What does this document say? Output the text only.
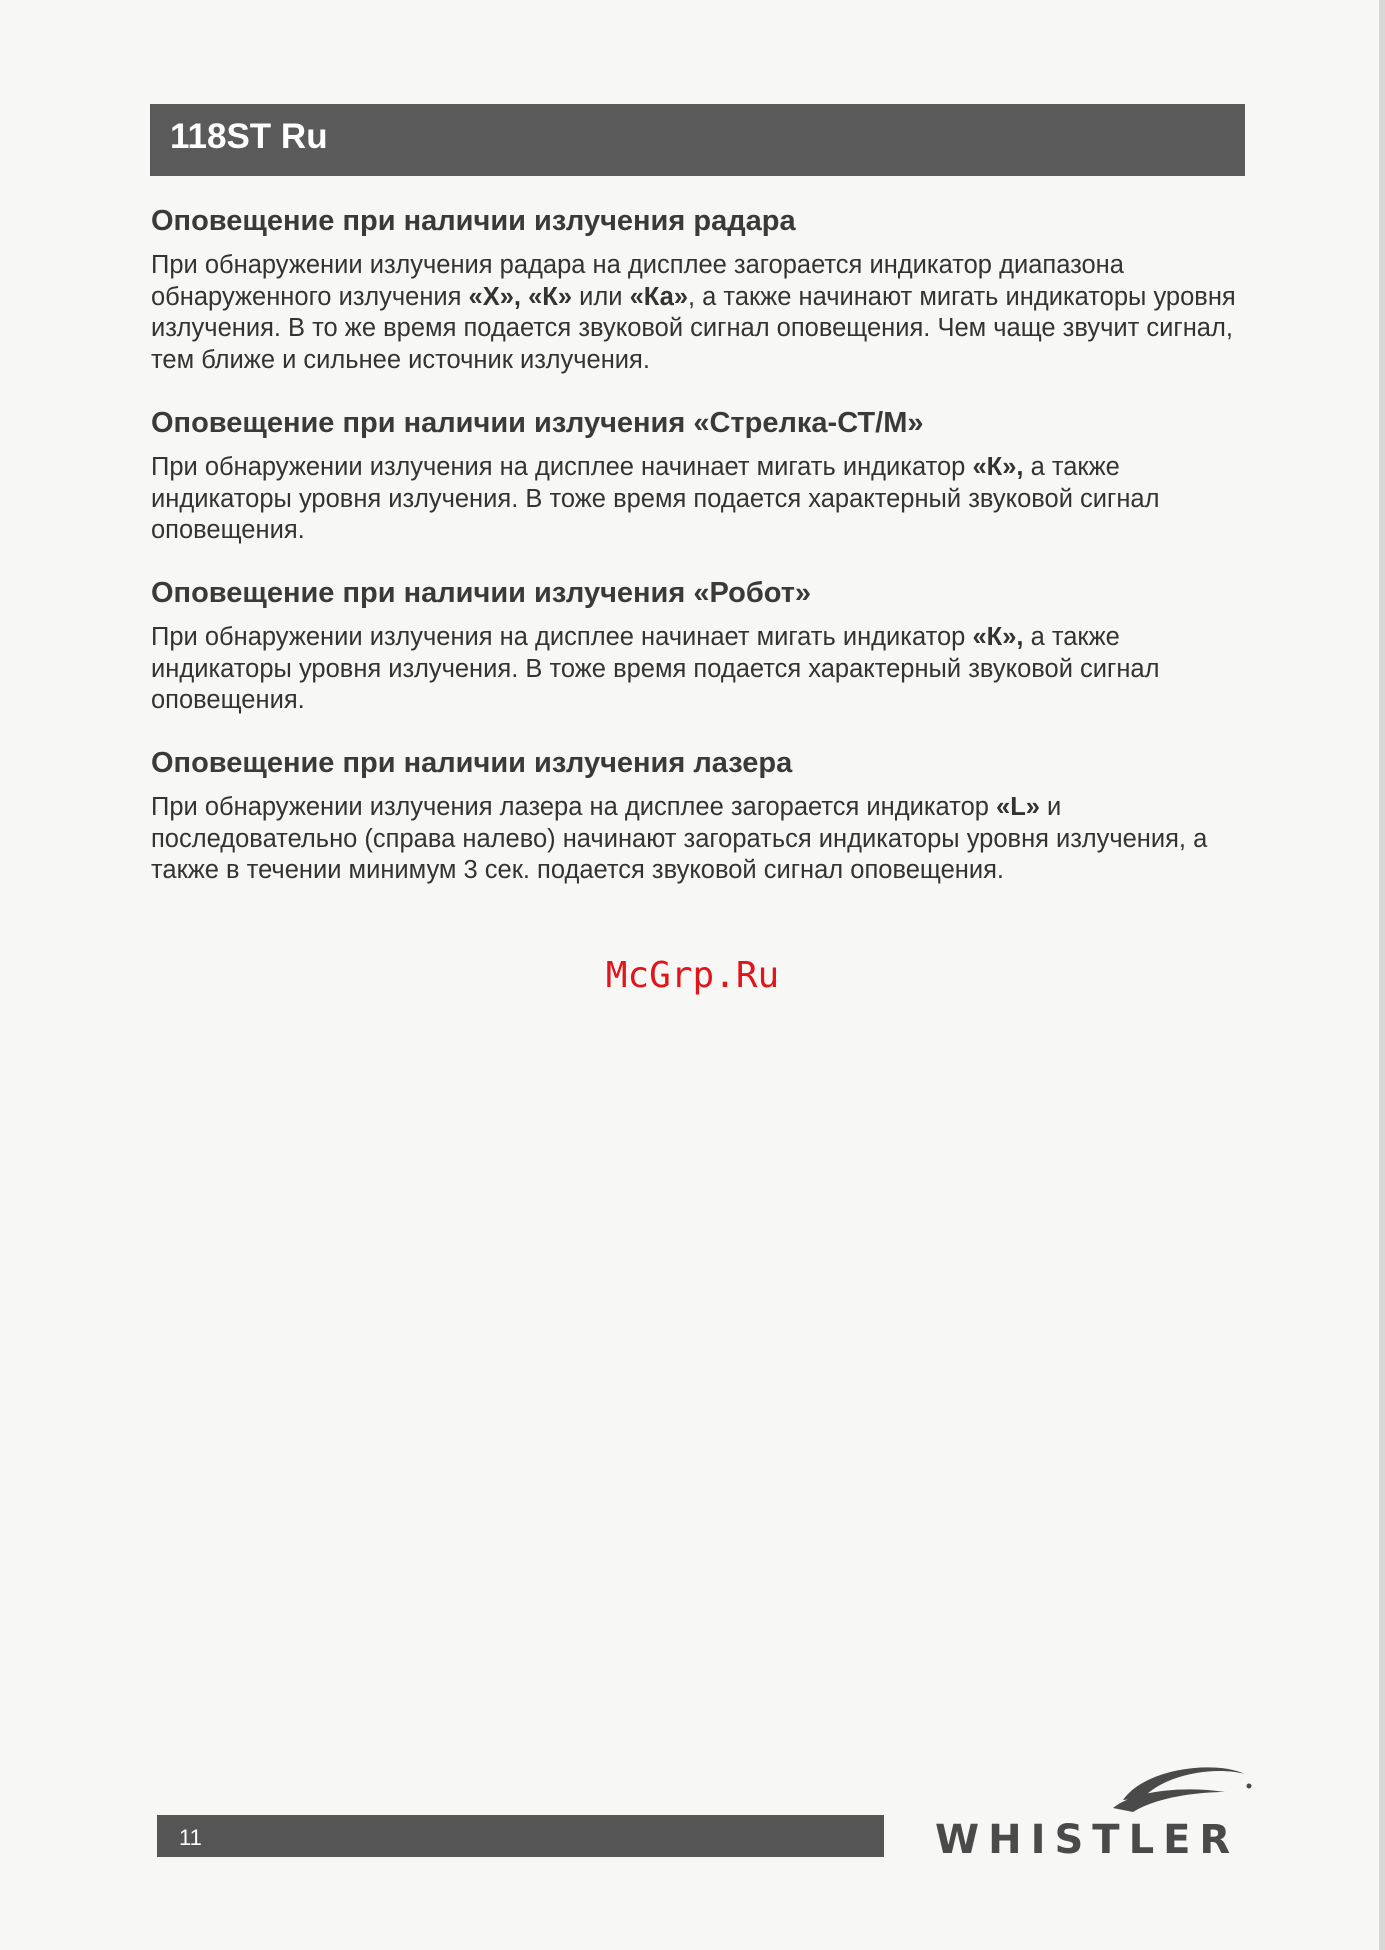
118ST Ru
Оповещение при наличии излучения радара

При обнаружении излучения радара на дисплее загорается индикатор диапазона обнаруженного излучения «X», «К» или «Ка», а также начинают мигать индикаторы уровня излучения. В то же время подается звуковой сигнал оповещения. Чем чаще звучит сигнал, тем ближе и сильнее источник излучения.

Оповещение при наличии излучения «Стрелка-СТ/М»

При обнаружении излучения на дисплее начинает мигать индикатор «К», а также индикаторы уровня излучения. В тоже время подается характерный звуковой сигнал оповещения.

Оповещение при наличии излучения «Робот»

При обнаружении излучения на дисплее начинает мигать индикатор «К», а также индикаторы уровня излучения. В тоже время подается характерный звуковой сигнал оповещения.

Оповещение при наличии излучения лазера

При обнаружении излучения лазера на дисплее загорается индикатор «L» и последовательно (справа налево) начинают загораться индикаторы уровня излучения, а также в течении минимум 3 сек. подается звуковой сигнал оповещения.

McGrp.Ru
11	WHISTLER
